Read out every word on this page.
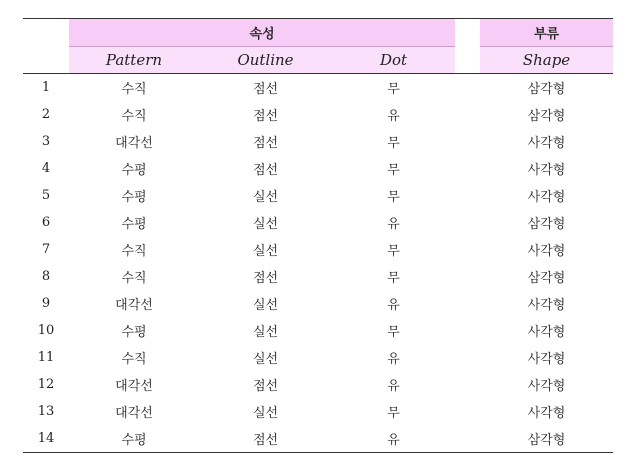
	속성				부류
	Pattern	Outline	Dot		Shape
1	수직	점선	무		삼각형
2	수직	점선	유		삼각형
3	대각선	점선	무		사각형
4	수평	점선	무		사각형
5	수평	실선	무		사각형
6	수평	실선	유		삼각형
7	수직	실선	무		사각형
8	수직	점선	무		삼각형
9	대각선	실선	유		사각형
10	수평	실선	무		사각형
11	수직	실선	유		사각형
12	대각선	점선	유		사각형
13	대각선	실선	무		사각형
14	수평	점선	유		삼각형
